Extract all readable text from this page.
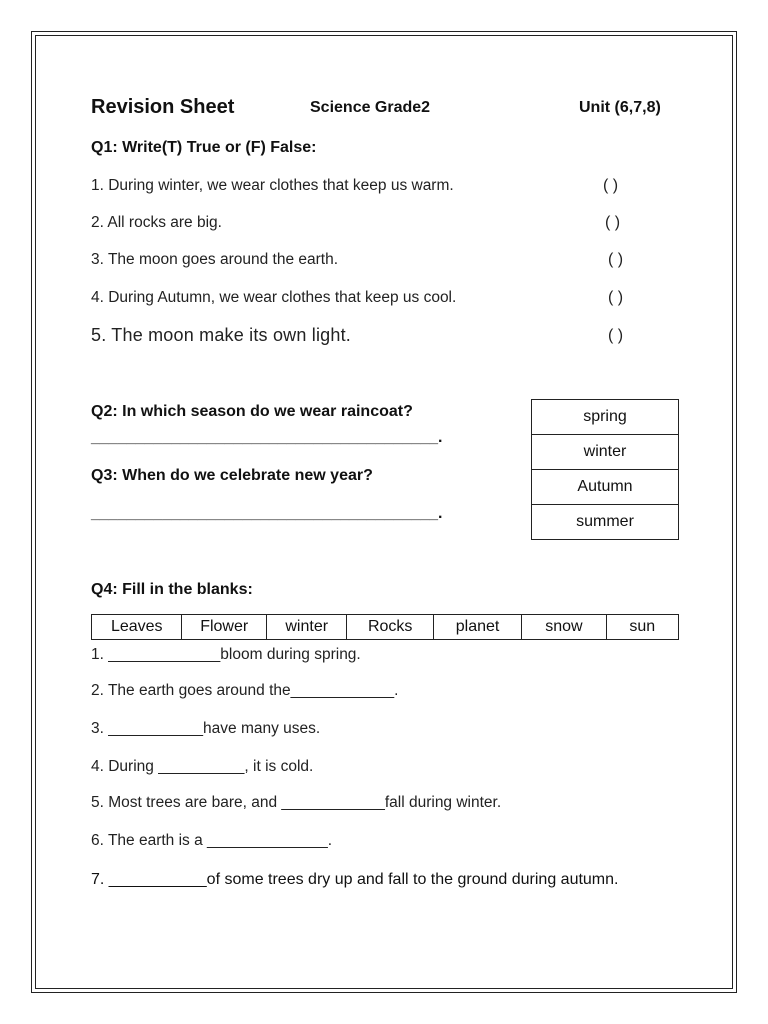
Revision Sheet	Science Grade2	Unit (6,7,8)
Q1: Write(T) True or (F) False:
1. During winter, we wear clothes that keep us warm.	( )
2. All rocks are big.	( )
3. The moon goes around the earth.	( )
4. During Autumn, we wear clothes that keep us cool.	( )
5. The moon make its own light.	( )
Q2: In which season do we wear raincoat?
_______________________________________.
Q3: When do we celebrate new year?
_______________________________________.
spring
winter
Autumn
summer
Q4: Fill in the blanks:
Leaves	Flower	winter	Rocks	planet	snow	sun
1. _____________bloom during spring.
2. The earth goes around the____________.
3. ___________have many uses.
4. During __________, it is cold.
5. Most trees are bare, and ____________fall during winter.
6. The earth is a ______________.
7. ___________of some trees dry up and fall to the ground during autumn.
